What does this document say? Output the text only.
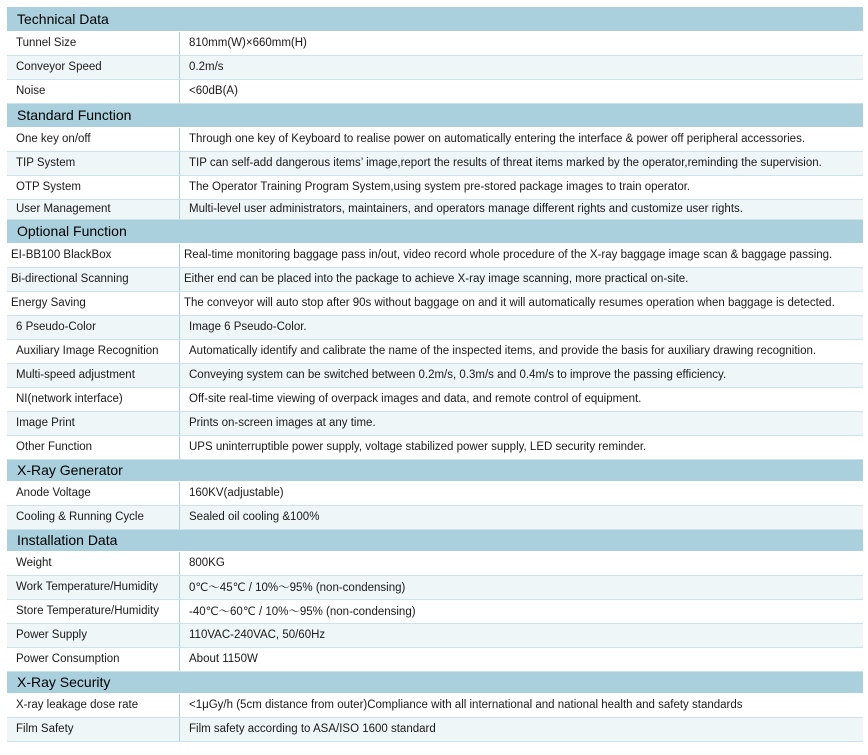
Technical Data	
Tunnel Size	810mm(W)×660mm(H)
Conveyor Speed	0.2m/s
Noise	<60dB(A)
Standard Function	
One key on/off	Through one key of Keyboard to realise power on automatically entering the interface & power off peripheral accessories.
TIP System	TIP can self-add dangerous items’ image,report the results of threat items marked by the operator,reminding the supervision.
OTP System	The Operator Training Program System,using system pre-stored package images to train operator.
User Management	Multi-level user administrators, maintainers, and operators manage different rights and customize user rights.
Optional Function	
EI-BB100 BlackBox	Real-time monitoring baggage pass in/out, video record whole procedure of the X-ray baggage image scan & baggage passing.
Bi-directional Scanning	Either end can be placed into the package to achieve X-ray image scanning, more practical on-site.
Energy Saving	The conveyor will auto stop after 90s without baggage on and it will automatically resumes operation when baggage is detected.
6 Pseudo-Color	Image 6 Pseudo-Color.
Auxiliary Image Recognition	Automatically identify and calibrate the name of the inspected items, and provide the basis for auxiliary drawing recognition.
Multi-speed adjustment	Conveying system can be switched between 0.2m/s, 0.3m/s and 0.4m/s to improve the passing efficiency.
NI(network interface)	Off-site real-time viewing of overpack images and data, and remote control of equipment.
Image Print	Prints on-screen images at any time.
Other Function	UPS uninterruptible power supply, voltage stabilized power supply, LED security reminder.
X-Ray Generator	
Anode Voltage	160KV(adjustable)
Cooling & Running Cycle	Sealed oil cooling &100%
Installation Data	
Weight	800KG
Work Temperature/Humidity	0℃～45℃ / 10%～95% (non-condensing)
Store Temperature/Humidity	-40℃～60℃ / 10%～95% (non-condensing)
Power Supply	110VAC-240VAC, 50/60Hz
Power Consumption	About 1150W
X-Ray Security	
X-ray leakage dose rate	<1μGy/h (5cm distance from outer)Compliance with all international and national health and safety standards
Film Safety	Film safety according to ASA/ISO 1600 standard
